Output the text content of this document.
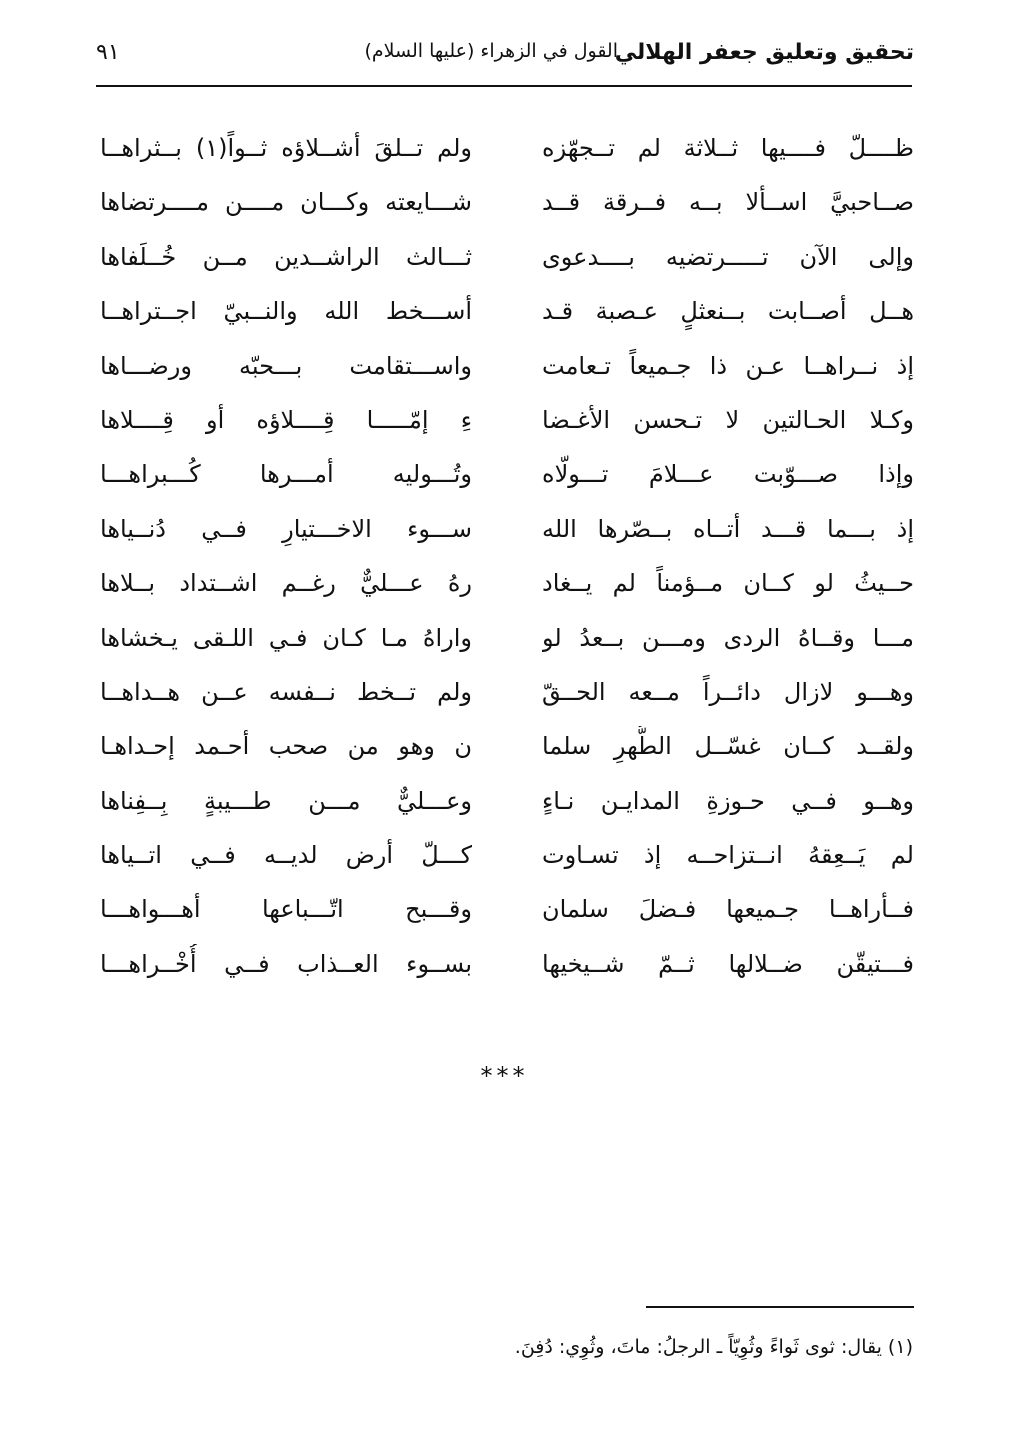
تحقيق وتعليق جعفر الهلالي
القول في الزهراء (عليها السلام)
٩١
ظــــلّ فــــيها ثــلاثة لم تــجهّزه
ولم تــلقَ أشــلاؤه ثــواً(١) بــثراهــا
صــاحبيَّ اســألا بــه فــرقة قــد
شـــايعته وكـــان مــــن مــــرتضاها
وإلى الآن تـــــرتضيه بــــدعوى
ثـــالث الراشــدين مــن خُــلَفاها
هــل أصــابت بــنعثلٍ عـصبة قـد
أســـخط الله والنــبيّ اجــتراهــا
إذ نــراهــا عـن ذا جـميعاً تـعامت
واســـتقامت بـــحبّه ورضـــاها
وكـلا الحـالتين لا تـحسن الأغـضا
ءِ إمّـــــا قِــــلاؤه أو قِــــلاها
وإذا صـــوّبت عـــلامَ تـــولّاه
وتُـــوليه أمـــرها كُـــبراهـــا
إذ بـــما قـــد أتــاه بــصّرها الله
ســـوء الاخـــتيارِ فــي دُنــياها
حــيثُ لو كــان مــؤمناً لم يــغاد
رهُ عـــليٌّ رغــم اشــتداد بــلاها
مـــا وقــاهُ الردى ومـــن بــعدُ لو
واراهُ مـا كـان فـي اللـقى يـخشاها
وهـــو لازال دائــراً مــعه الحــقّ
ولم تــخط نــفسه عــن هــداهــا
ولقــد كــان غسّــل الطُّهرِ سلما
ن وهو من صحب أحـمد إحـداهـا
وهــو فــي حـوزةِ المدايـن نـاءٍ
وعـــليٌّ مـــن طـــيبةٍ بِــفِناها
لم يَــعِقهُ انــتزاحــه إذ تسـاوت
كـــلّ أرض لديــه فــي اتــياها
فــأراهــا جـميعها فـضلَ سلمان
وقـــبح اتّـــباعها أهـــواهـــا
فـــتيقّن ضــلالها ثــمّ شــيخيها
بســوء العــذاب فــي أُخْــراهـــا
***
(١) يقال: ثوى ثَواءً وثُوِيّاً ـ الرجلُ: ماتَ، وثُوِي: دُفِنَ.
